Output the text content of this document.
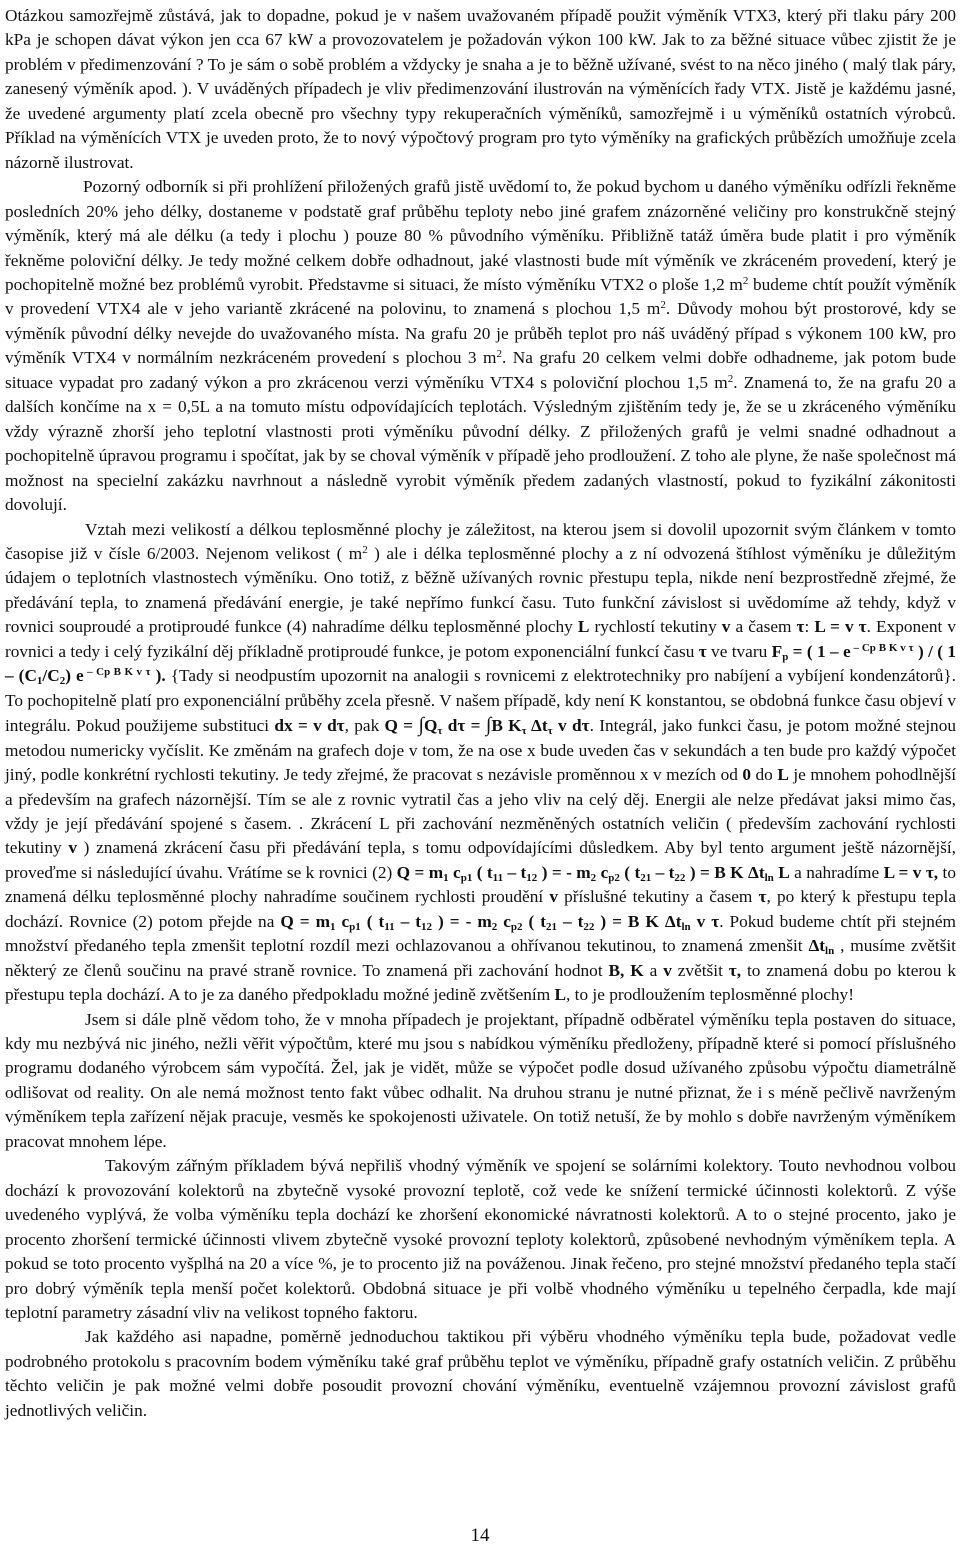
Otázkou samozřejmě zůstává, jak to dopadne, pokud je v našem uvažovaném případě použit výměník VTX3, který při tlaku páry 200 kPa je schopen dávat výkon jen cca 67 kW a provozovatelem je požadován výkon 100 kW. Jak to za běžné situace vůbec zjistit že je problém v předimenzování ? To je sám o sobě problém a vždycky je snaha a je to běžně užívané, svést to na něco jiného ( malý tlak páry, zanesený výměník apod. ). V uváděných případech je vliv předimenzování ilustrován na výměnících řady VTX. Jistě je každému jasné, že uvedené argumenty platí zcela obecně pro všechny typy rekuperačních výměníků, samozřejmě i u výměníků ostatních výrobců. Příklad na výměnících VTX je uveden proto, že to nový výpočtový program pro tyto výměníky na grafických průbězích umožňuje zcela názorně ilustrovat.

Pozorný odborník si při prohlížení přiložených grafů jistě uvědomí to, že pokud bychom u daného výměníku odřízli řekněme posledních 20% jeho délky, dostaneme v podstatě graf průběhu teploty nebo jiné grafem znázorněné veličiny pro konstrukčně stejný výměník, který má ale délku (a tedy i plochu ) pouze 80 % původního výměníku. Přibližně tatáž úměra bude platit i pro výměník řekněme poloviční délky. Je tedy možné celkem dobře odhadnout, jaké vlastnosti bude mít výměník ve zkráceném provedení, který je pochopitelně možné bez problémů vyrobit. Představme si situaci, že místo výměníku VTX2 o ploše 1,2 $m^2$ budeme chtít použít výměník v provedení VTX4 ale v jeho variantě zkrácené na polovinu, to znamená s plochou 1,5 $m^2$. Důvody mohou být prostorové, kdy se výměník původní délky nevejde do uvažovaného místa. Na grafu 20 je průběh teplot pro náš uváděný případ s výkonem 100 kW, pro výměník VTX4 v normálním nezkráceném provedení s plochou 3 $m^2$. Na grafu 20 celkem velmi dobře odhadneme, jak potom bude situace vypadat pro zadaný výkon a pro zkrácenou verzi výměníku VTX4 s poloviční plochou 1,5 $m^2$. Znamená to, že na grafu 20 a dalších končíme na x = 0,5L a na tomuto místu odpovídajících teplotách. Výsledným zjištěním tedy je, že se u zkráceného výměníku vždy výrazně zhorší jeho teplotní vlastnosti proti výměníku původní délky. Z přiložených grafů je velmi snadné odhadnout a pochopitelně úpravou programu i spočítat, jak by se choval výměník v případě jeho prodloužení. Z toho ale plyne, že naše společnost má možnost na specielní zakázku navrhnout a následně vyrobit výměník předem zadaných vlastností, pokud to fyzikální zákonitosti dovolují.

Vztah mezi velikostí a délkou teplosměnné plochy je záležitost, na kterou jsem si dovolil upozornit svým článkem v tomto časopise již v čísle 6/2003. Nejenom velikost ( $m^2$ ) ale i délka teplosměnné plochy a z ní odvozená štíhlost výměníku je důležitým údajem o teplotních vlastnostech výměníku. Ono totiž, z běžně užívaných rovnic přestupu tepla, nikde není bezprostředně zřejmé, že předávání tepla, to znamená předávání energie, je také nepřímo funkcí času. Tuto funkční závislost si uvědomíme až tehdy, když v rovnici souproudé a protiproudé funkce (4) nahradíme délku teplosměnné plochy L rychlostí tekutiny v a časem τ: L = v τ. Exponent v rovnici a tedy i celý fyzikální děj příkladně protiproudé funkce, je potom exponenciální funkcí času τ ve tvaru $F_p$ = ( 1 – e $^{- Cp B K v \tau}$ ) / ( $1 - (C_1/C_2)$ e $^{- Cp B K v \tau}$ ). {Tady si neodpustím upozornit na analogii s rovnicemi z elektrotechniky pro nabíjení a vybíjení kondenzátorů}. To pochopitelně platí pro exponenciální průběhy zcela přesně. V našem případě, kdy není K konstantou, se obdobná funkce času objeví v integrálu. Pokud použijeme substituci dx = v dτ, pak $Q = \int Q_\tau$ dτ = ∫B $K_\tau$ $\Delta t_\tau$ v dτ. Integrál, jako funkci času, je potom možné stejnou metodou numericky vyčíslit. Ke změnám na grafech doje v tom, že na ose x bude uveden čas v sekundách a ten bude pro každý výpočet jiný, podle konkrétní rychlosti tekutiny. Je tedy zřejmé, že pracovat s nezávisle proměnnou x v mezích od 0 do L je mnohem pohodlnější a především na grafech názornější. Tím se ale z rovnic vytratil čas a jeho vliv na celý děj. Energii ale nelze předávat jaksi mimo čas, vždy je její předávání spojené s časem. . Zkrácení L při zachování nezměněných ostatních veličin ( především zachování rychlosti tekutiny v ) znamená zkrácení času při předávání tepla, s tomu odpovídajícími důsledkem. Aby byl tento argument ještě názornější, proveďme si následující úvahu. Vrátíme se k rovnici (2) $Q = m_1$ $c_{p1}$ ( $t_{11} - t_{12}$ ) = - $m_2$ $c_{p2}$ ( $t_{21} - t_{22}$ ) = B K $\Delta t_{ln}$ L a nahradíme L = v τ, to znamená délku teplosměnné plochy nahradíme součinem rychlosti proudění v příslušné tekutiny a časem τ, po který k přestupu tepla dochází. Rovnice (2) potom přejde na $Q = m_1$ $c_{p1}$ ( $t_{11} - t_{12}$ ) = - $m_2$ $c_{p2}$ ( $t_{21} - t_{22}$ ) = B K $\Delta t_{ln}$ v τ. Pokud budeme chtít při stejném množství předaného tepla zmenšit teplotní rozdíl mezi ochlazovanou a ohřívanou tekutinou, to znamená zmenšit $\Delta t_{ln}$ , musíme zvětšit některý ze členů součinu na pravé straně rovnice. To znamená při zachování hodnot B, K a v zvětšit τ, to znamená dobu po kterou k přestupu tepla dochází. A to je za daného předpokladu možné jedině zvětšením L, to je prodloužením teplosměnné plochy!

Jsem si dále plně vědom toho, že v mnoha případech je projektant, případně odběratel výměníku tepla postaven do situace, kdy mu nezbývá nic jiného, nežli věřit výpočtům, které mu jsou s nabídkou výměníku předloženy, případně které si pomocí příslušného programu dodaného výrobcem sám vypočítá. Žel, jak je vidět, může se výpočet podle dosud užívaného způsobu výpočtu diametrálně odlišovat od reality. On ale nemá možnost tento fakt vůbec odhalit. Na druhou stranu je nutné přiznat, že i s méně pečlivě navrženým výměníkem tepla zařízení nějak pracuje, vesměs ke spokojenosti uživatele. On totiž netuší, že by mohlo s dobře navrženým výměníkem pracovat mnohem lépe.

Takovým zářným příkladem bývá nepřiliš vhodný výměník ve spojení se solárními kolektory. Touto nevhodnou volbou dochází k provozování kolektorů na zbytečně vysoké provozní teplotě, což vede ke snížení termické účinnosti kolektorů. Z výše uvedeného vyplývá, že volba výměníku tepla dochází ke zhoršení ekonomické návratnosti kolektorů. A to o stejné procento, jako je procento zhoršení termické účinnosti vlivem zbytečně vysoké provozní teploty kolektorů, způsobené nevhodným výměníkem tepla. A pokud se toto procento vyšplhá na 20 a více %, je to procento již na pováženou. Jinak řečeno, pro stejné množství předaného tepla stačí pro dobrý výměník tepla menší počet kolektorů. Obdobná situace je při volbě vhodného výměníku u tepelného čerpadla, kde mají teplotní parametry zásadní vliv na velikost topného faktoru.

Jak každého asi napadne, poměrně jednoduchou taktikou při výběru vhodného výměníku tepla bude, požadovat vedle podrobného protokolu s pracovním bodem výměníku také graf průběhu teplot ve výměníku, případně grafy ostatních veličin. Z průběhu těchto veličin je pak možné velmi dobře posoudit provozní chování výměníku, eventuelně vzájemnou provozní závislost grafů jednotlivých veličin.

14
